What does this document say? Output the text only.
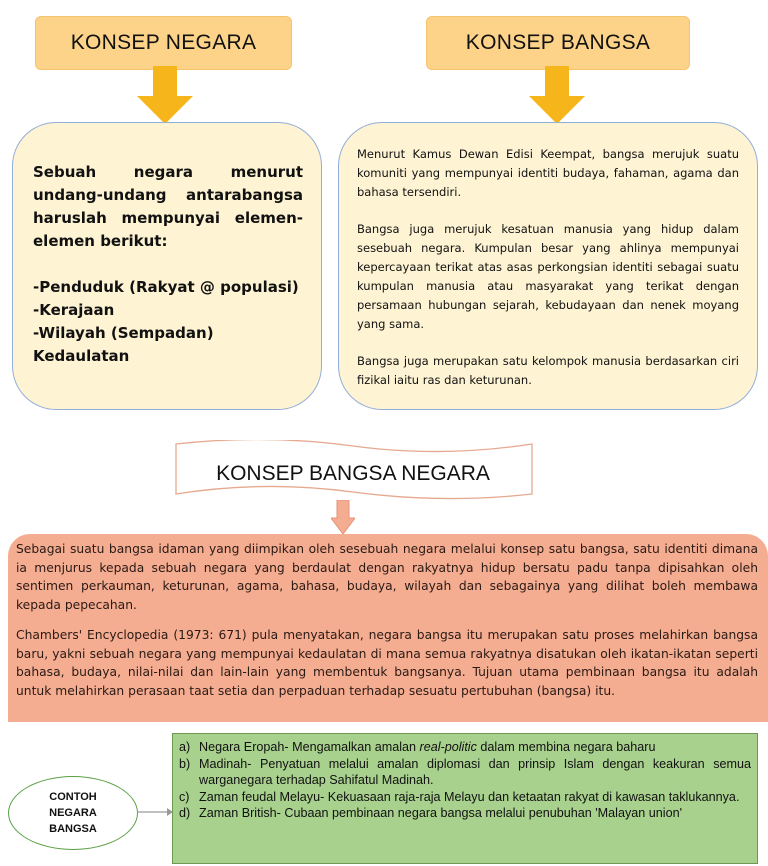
KONSEP NEGARA	KONSEP BANGSA
Sebuah negara menurut undang-undang antarabangsa haruslah mempunyai elemen-elemen berikut:
-Penduduk (Rakyat @ populasi)
-Kerajaan
-Wilayah (Sempadan)
Kedaulatan

Menurut Kamus Dewan Edisi Keempat, bangsa merujuk suatu komuniti yang mempunyai identiti budaya, fahaman, agama dan bahasa tersendiri.

Bangsa juga merujuk kesatuan manusia yang hidup dalam sesebuah negara. Kumpulan besar yang ahlinya mempunyai kepercayaan terikat atas asas perkongsian identiti sebagai suatu kumpulan manusia atau masyarakat yang terikat dengan persamaan hubungan sejarah, kebudayaan dan nenek moyang yang sama.

Bangsa juga merupakan satu kelompok manusia berdasarkan ciri fizikal iaitu ras dan keturunan.

KONSEP BANGSA NEGARA

Sebagai suatu bangsa idaman yang diimpikan oleh sesebuah negara melalui konsep satu bangsa, satu identiti dimana ia menjurus kepada sebuah negara yang berdaulat dengan rakyatnya hidup bersatu padu tanpa dipisahkan oleh sentimen perkauman, keturunan, agama, bahasa, budaya, wilayah dan sebagainya yang dilihat boleh membawa kepada pepecahan.

Chambers' Encyclopedia (1973: 671) pula menyatakan, negara bangsa itu merupakan satu proses melahirkan bangsa baru, yakni sebuah negara yang mempunyai kedaulatan di mana semua rakyatnya disatukan oleh ikatan-ikatan seperti bahasa, budaya, nilai-nilai dan lain-lain yang membentuk bangsanya. Tujuan utama pembinaan bangsa itu adalah untuk melahirkan perasaan taat setia dan perpaduan terhadap sesuatu pertubuhan (bangsa) itu.

CONTOH
NEGARA
BANGSA
a) Negara Eropah- Mengamalkan amalan real-politic dalam membina negara baharu
b) Madinah- Penyatuan melalui amalan diplomasi dan prinsip Islam dengan keakuran semua warganegara terhadap Sahifatul Madinah.
c) Zaman feudal Melayu- Kekuasaan raja-raja Melayu dan ketaatan rakyat di kawasan taklukannya.
d) Zaman British- Cubaan pembinaan negara bangsa melalui penubuhan 'Malayan union'
